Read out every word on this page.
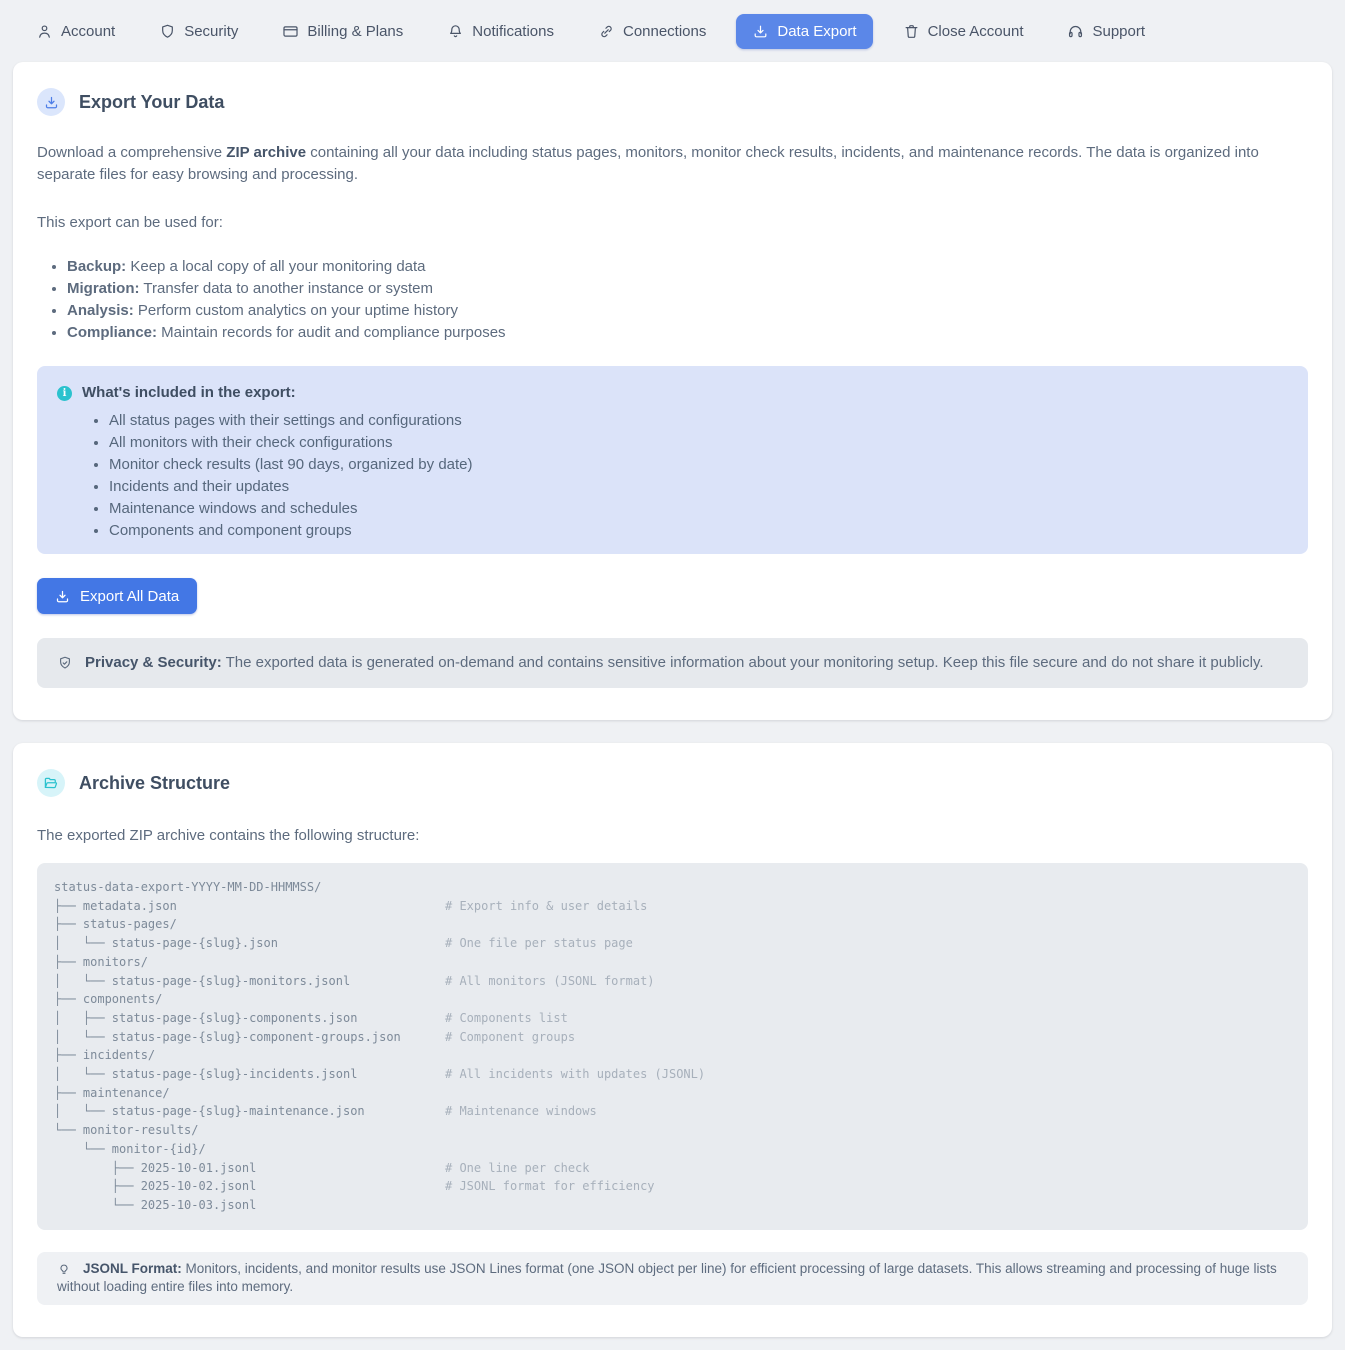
Account	Security	Billing & Plans	Notifications	Connections	Data Export	Close Account	Support
Export Your Data

Download a comprehensive ZIP archive containing all your data including status pages, monitors, monitor check results, incidents, and maintenance records. The data is organized into separate files for easy browsing and processing.

This export can be used for:

• Backup: Keep a local copy of all your monitoring data
• Migration: Transfer data to another instance or system
• Analysis: Perform custom analytics on your uptime history
• Compliance: Maintain records for audit and compliance purposes
i	What's included in the export:
• All status pages with their settings and configurations
• All monitors with their check configurations
• Monitor check results (last 90 days, organized by date)
• Incidents and their updates
• Maintenance windows and schedules
• Components and component groups
Export All Data

Privacy & Security: The exported data is generated on-demand and contains sensitive information about your monitoring setup. Keep this file secure and do not share it publicly.

Archive Structure

The exported ZIP archive contains the following structure:

status-data-export-YYYY-MM-DD-HHMMSS/
├── metadata.json	# Export info & user details
├── status-pages/
│   └── status-page-{slug}.json	# One file per status page
├── monitors/
│   └── status-page-{slug}-monitors.jsonl	# All monitors (JSONL format)
├── components/
│   ├── status-page-{slug}-components.json	# Components list
│   └── status-page-{slug}-component-groups.json	# Component groups
├── incidents/
│   └── status-page-{slug}-incidents.jsonl	# All incidents with updates (JSONL)
├── maintenance/
│   └── status-page-{slug}-maintenance.json	# Maintenance windows
└── monitor-results/
└── monitor-{id}/
├── 2025-10-01.jsonl	# One line per check
├── 2025-10-02.jsonl	# JSONL format for efficiency
└── 2025-10-03.jsonl

JSONL Format: Monitors, incidents, and monitor results use JSON Lines format (one JSON object per line) for efficient processing of large datasets. This allows streaming and processing of huge lists without loading entire files into memory.
